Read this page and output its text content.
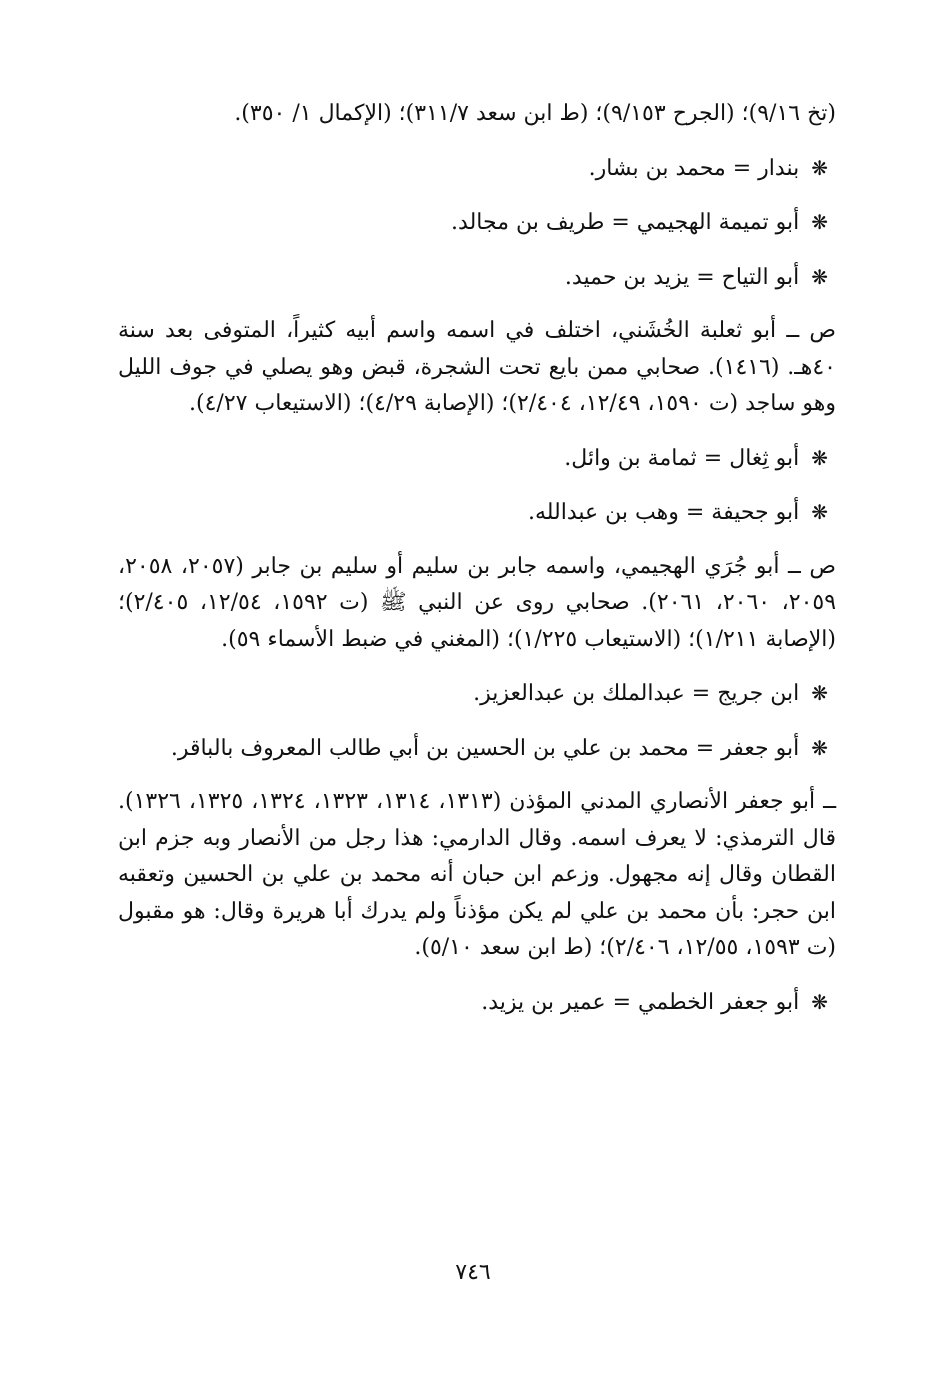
(تخ ٩/١٦)؛ (الجرح ٩/١٥٣)؛ (ط ابن سعد ٣١١/٧)؛ (الإكمال ١/ ٣٥٠).

❋بندار = محمد بن بشار.

❋أبو تميمة الهجيمي = طريف بن مجالد.

❋أبو التياح = يزيد بن حميد.

ص ــ أبو ثعلبة الخُشَني، اختلف في اسمه واسم أبيه كثيراً، المتوفى بعد سنة ٤٠هـ. (١٤١٦). صحابي ممن بايع تحت الشجرة، قبض وهو يصلي في جوف الليل وهو ساجد (ت ١٥٩٠، ١٢/٤٩، ٢/٤٠٤)؛ (الإصابة ٤/٢٩)؛ (الاستيعاب ٤/٢٧).

❋أبو ثِغال = ثمامة بن وائل.

❋أبو جحيفة = وهب بن عبدالله.

ص ــ أبو جُرَي الهجيمي، واسمه جابر بن سليم أو سليم بن جابر (٢٠٥٧، ٢٠٥٨، ٢٠٥٩، ٢٠٦٠، ٢٠٦١). صحابي روى عن النبي ﷺ (ت ١٥٩٢، ١٢/٥٤، ٢/٤٠٥)؛ (الإصابة ١/٢١١)؛ (الاستيعاب ١/٢٢٥)؛ (المغني في ضبط الأسماء ٥٩).

❋ابن جريج = عبدالملك بن عبدالعزيز.

❋أبو جعفر = محمد بن علي بن الحسين بن أبي طالب المعروف بالباقر.

ــ أبو جعفر الأنصاري المدني المؤذن (١٣١٣، ١٣١٤، ١٣٢٣، ١٣٢٤، ١٣٢٥، ١٣٢٦). قال الترمذي: لا يعرف اسمه. وقال الدارمي: هذا رجل من الأنصار وبه جزم ابن القطان وقال إنه مجهول. وزعم ابن حبان أنه محمد بن علي بن الحسين وتعقبه ابن حجر: بأن محمد بن علي لم يكن مؤذناً ولم يدرك أبا هريرة وقال: هو مقبول (ت ١٥٩٣، ١٢/٥٥، ٢/٤٠٦)؛ (ط ابن سعد ٥/١٠).

❋أبو جعفر الخطمي = عمير بن يزيد.

٧٤٦
